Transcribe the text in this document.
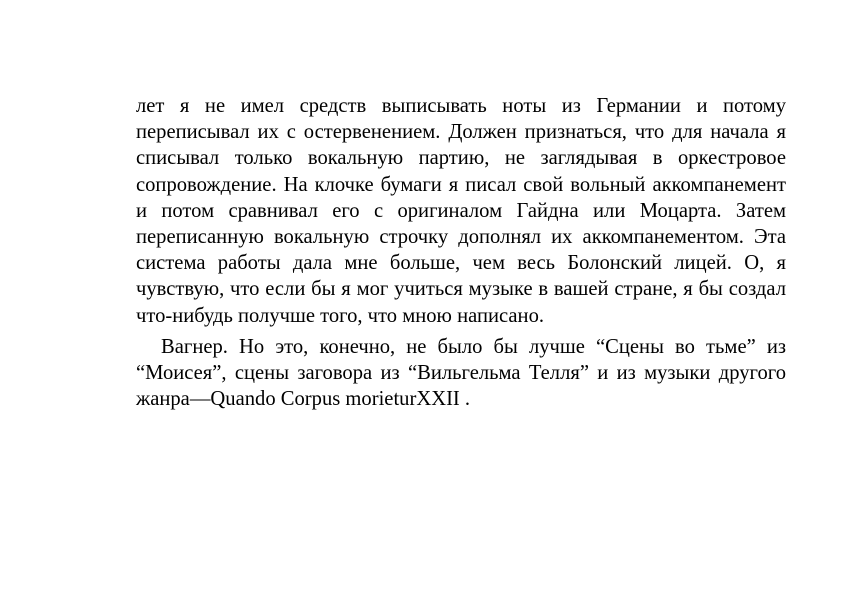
лет я не имел средств выписывать ноты из Германии и потому переписывал их с остервенением. Должен признаться, что для начала я списывал только вокальную партию, не заглядывая в оркестровое сопровождение. На клочке бумаги я писал свой вольный аккомпанемент и потом сравнивал его с оригиналом Гайдна или Моцарта. Затем переписанную вокальную строчку дополнял их аккомпанементом. Эта система работы дала мне больше, чем весь Болонский лицей. О, я чувствую, что если бы я мог учиться музыке в вашей стране, я бы создал что-нибудь получше того, что мною написано.

Вагнер. Но это, конечно, не было бы лучше “Сцены во тьме” из “Моисея”, сцены заговора из “Вильгельма Телля” и из музыки другого жанра—Quando Corpus morieturXXII .
